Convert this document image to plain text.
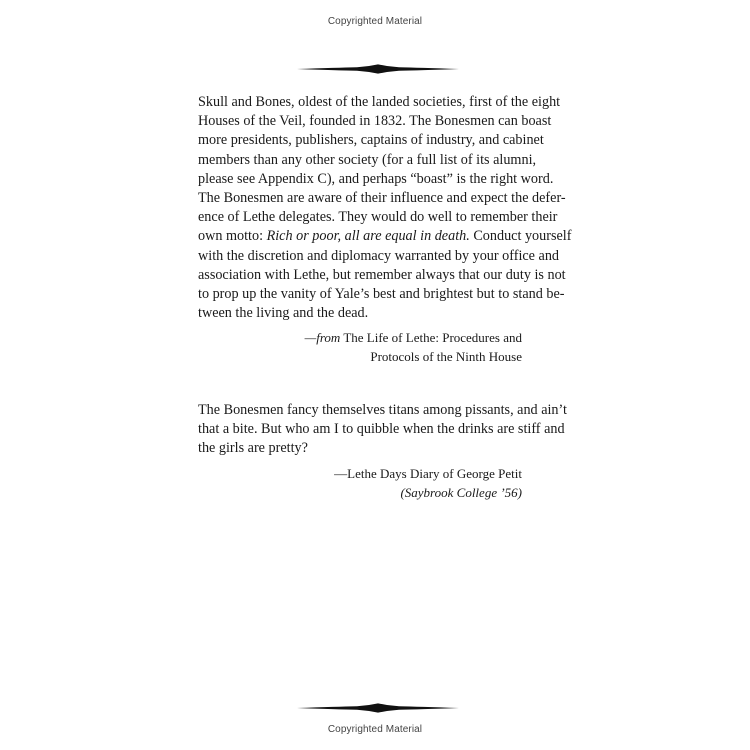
Copyrighted Material
Skull and Bones, oldest of the landed societies, first of the eight
Houses of the Veil, founded in 1832. The Bonesmen can boast
more presidents, publishers, captains of industry, and cabinet
members than any other society (for a full list of its alumni,
please see Appendix C), and perhaps “boast” is the right word.
The Bonesmen are aware of their influence and expect the defer-
ence of Lethe delegates. They would do well to remember their
own motto: Rich or poor, all are equal in death. Conduct yourself
with the discretion and diplomacy warranted by your office and
association with Lethe, but remember always that our duty is not
to prop up the vanity of Yale’s best and brightest but to stand be-
tween the living and the dead.
—from The Life of Lethe: Procedures and
Protocols of the Ninth House
The Bonesmen fancy themselves titans among pissants, and ain’t
that a bite. But who am I to quibble when the drinks are stiff and
the girls are pretty?
—Lethe Days Diary of George Petit
(Saybrook College ’56)
Copyrighted Material
